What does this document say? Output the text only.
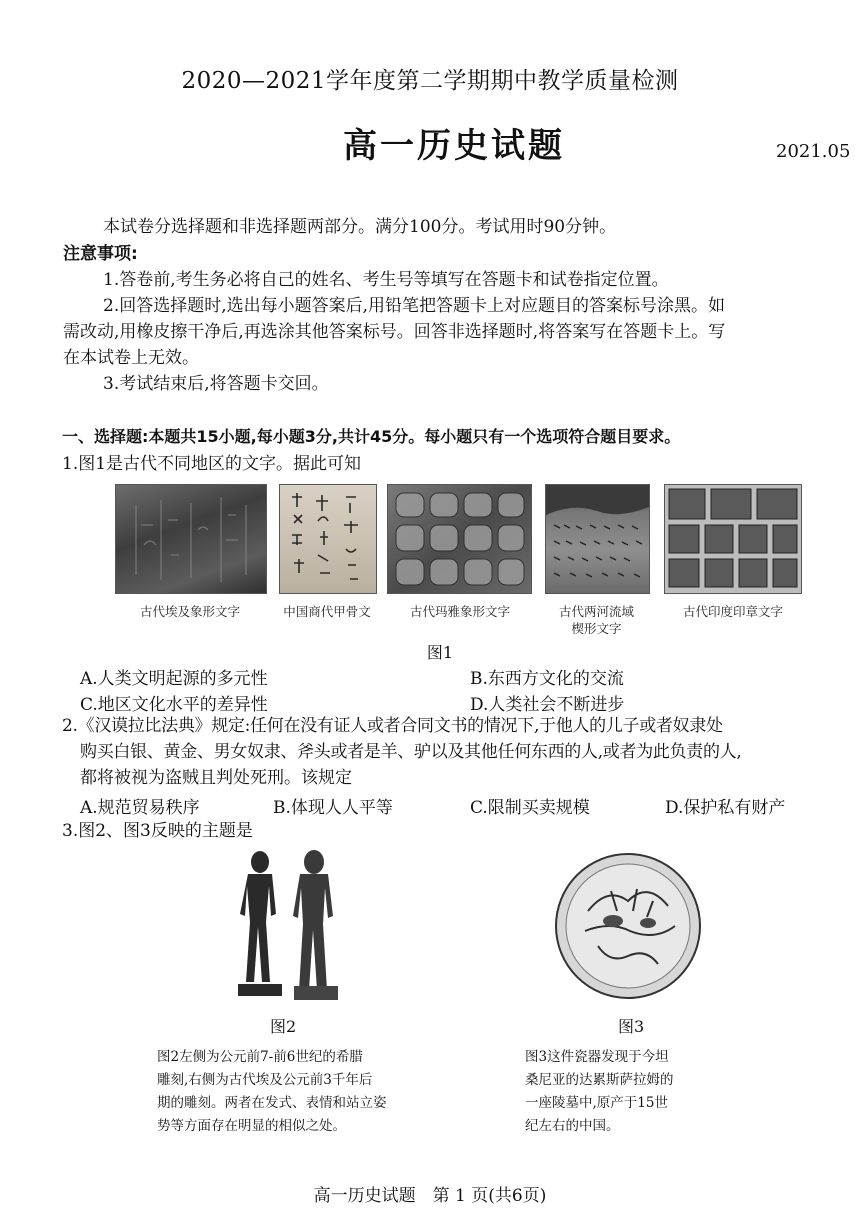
2020—2021学年度第二学期期中教学质量检测
高一历史试题	2021.05
本试卷分选择题和非选择题两部分。满分100分。考试用时90分钟。
注意事项:
1.答卷前,考生务必将自己的姓名、考生号等填写在答题卡和试卷指定位置。
2.回答选择题时,选出每小题答案后,用铅笔把答题卡上对应题目的答案标号涂黑。如
需改动,用橡皮擦干净后,再选涂其他答案标号。回答非选择题时,将答案写在答题卡上。写
在本试卷上无效。
3.考试结束后,将答题卡交回。
一、选择题:本题共15小题,每小题3分,共计45分。每小题只有一个选项符合题目要求。
1.图1是古代不同地区的文字。据此可知
古代埃及象形文字	中国商代甲骨文	古代玛雅象形文字	古代两河流域
楔形文字
古代印度印章文字
图1
A.人类文明起源的多元性	B.东西方文化的交流
C.地区文化水平的差异性	D.人类社会不断进步
2.《汉谟拉比法典》规定:任何在没有证人或者合同文书的情况下,于他人的儿子或者奴隶处
购买白银、黄金、男女奴隶、斧头或者是羊、驴以及其他任何东西的人,或者为此负责的人,
都将被视为盗贼且判处死刑。该规定
A.规范贸易秩序	B.体现人人平等	C.限制买卖规模	D.保护私有财产
3.图2、图3反映的主题是
图2	图3
图2左侧为公元前7-前6世纪的希腊
雕刻,右侧为古代埃及公元前3千年后
期的雕刻。两者在发式、表情和站立姿
势等方面存在明显的相似之处。
图3这件瓷器发现于今坦
桑尼亚的达累斯萨拉姆的
一座陵墓中,原产于15世
纪左右的中国。
高一历史试题　第 1 页(共6页)
